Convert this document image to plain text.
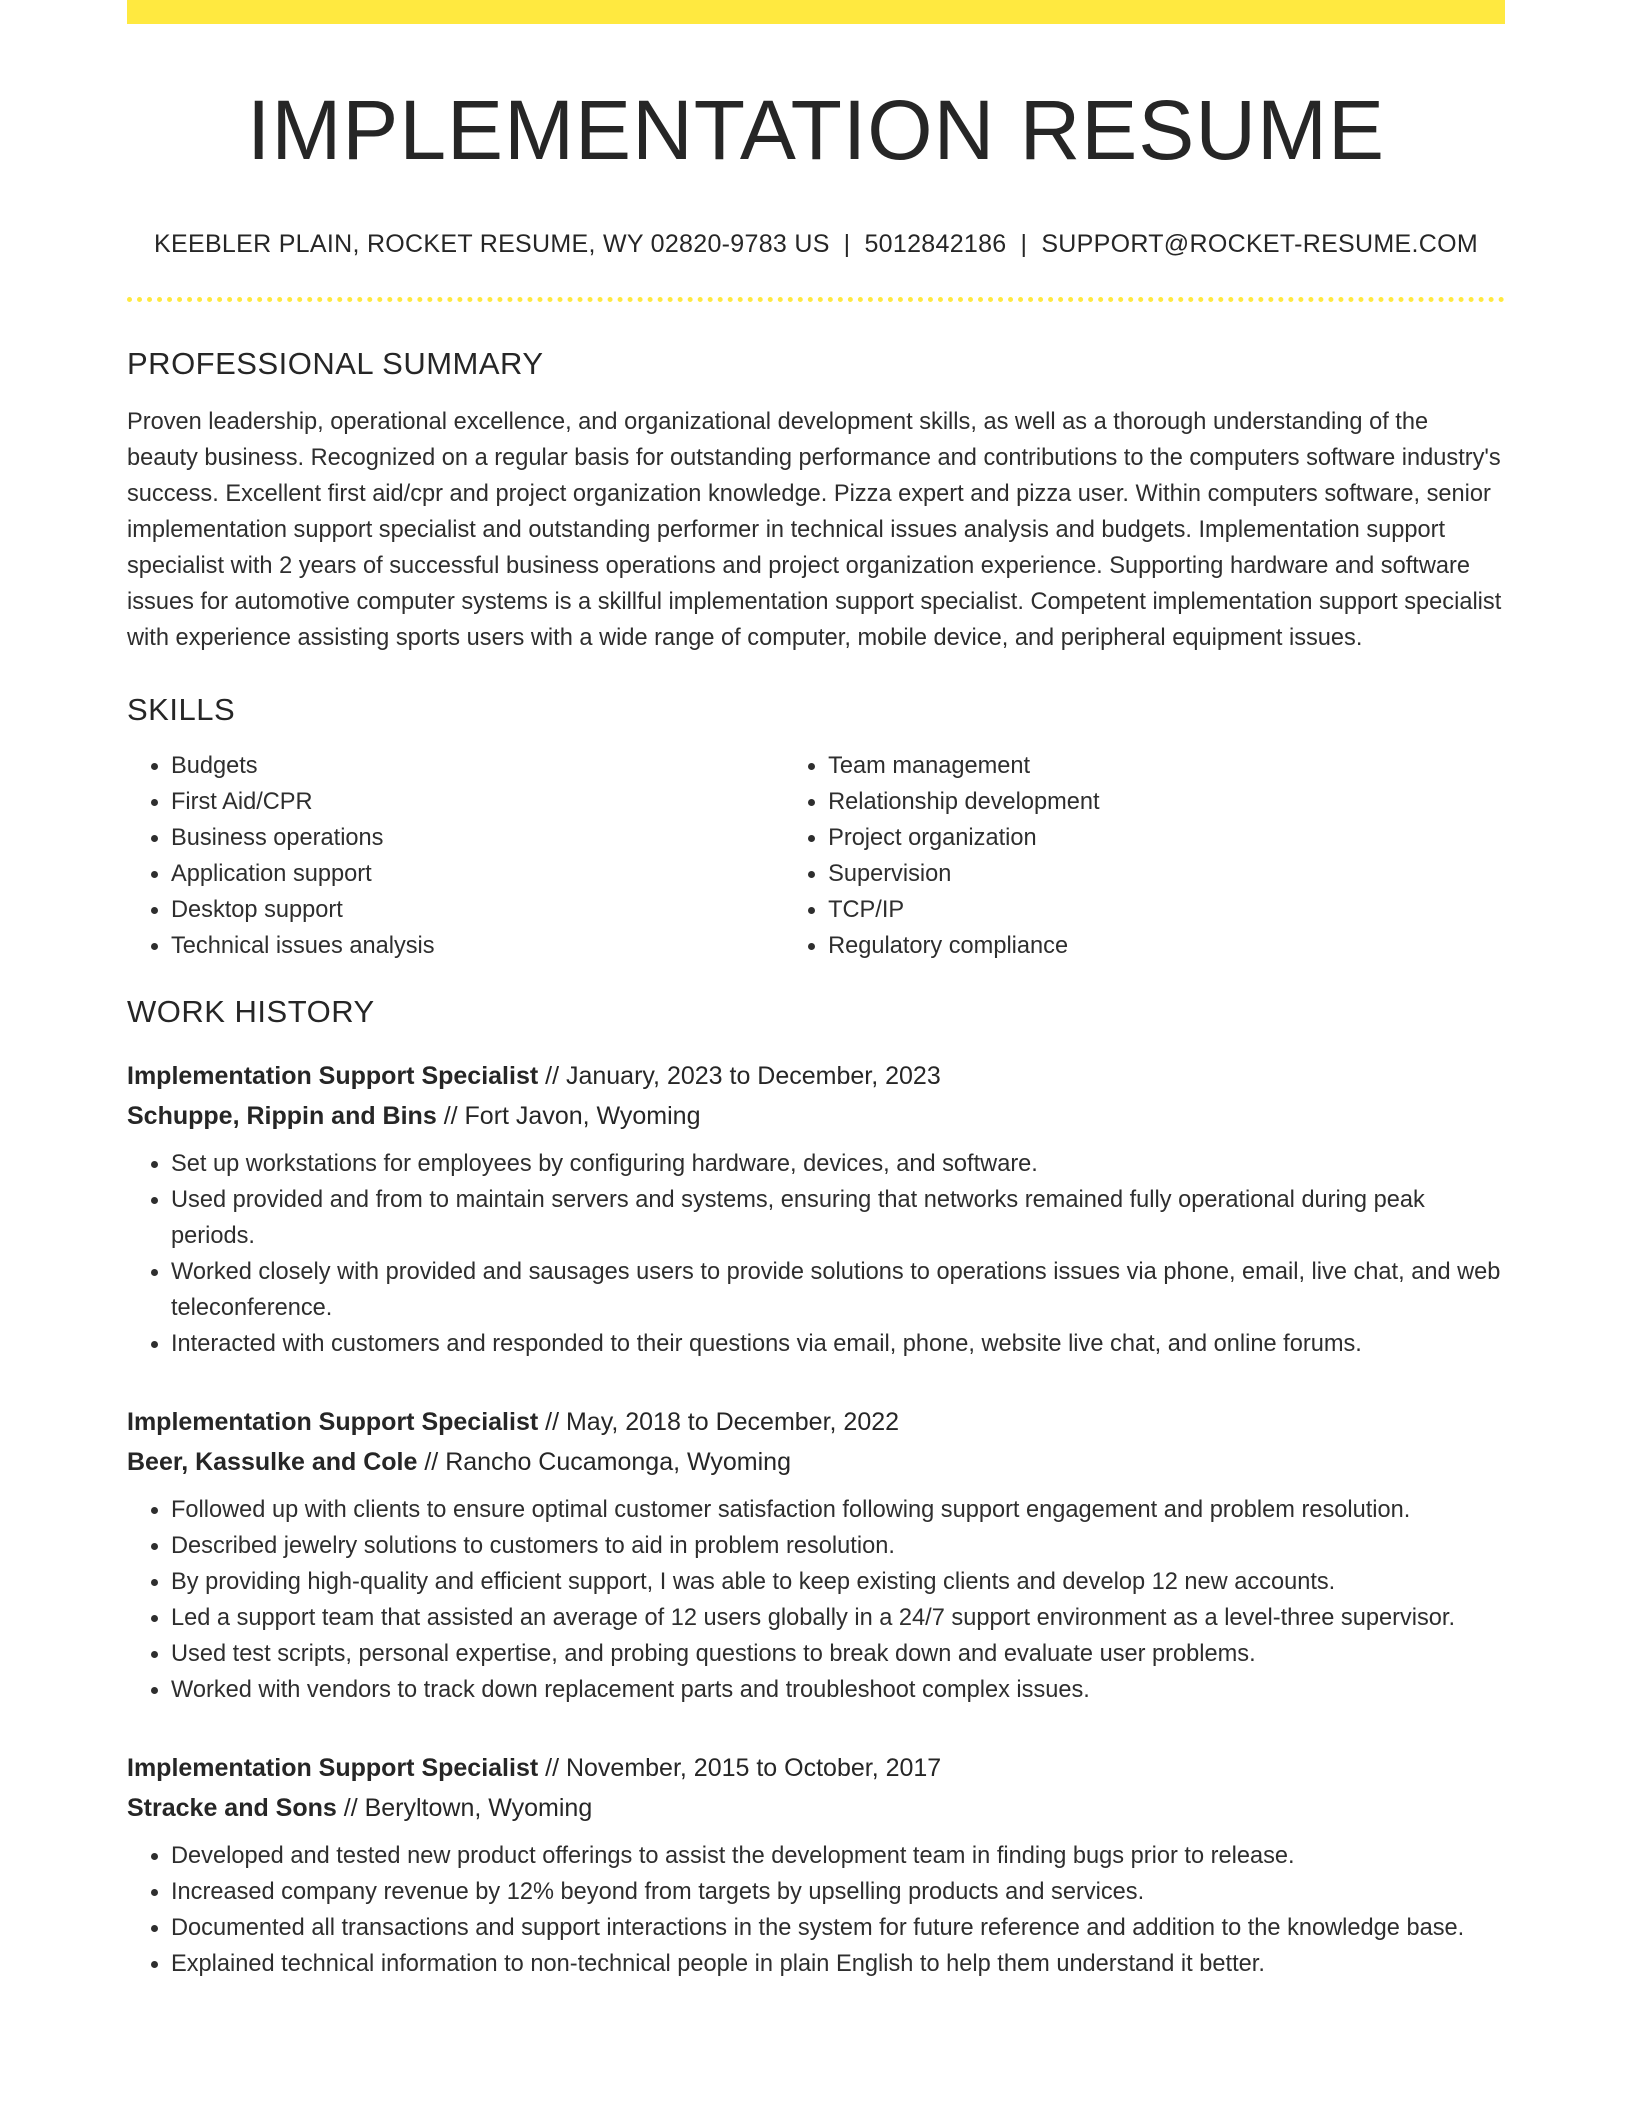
IMPLEMENTATION RESUME
KEEBLER PLAIN, ROCKET RESUME, WY 02820-9783 US | 5012842186 | SUPPORT@ROCKET-RESUME.COM
PROFESSIONAL SUMMARY

Proven leadership, operational excellence, and organizational development skills, as well as a thorough understanding of the beauty business. Recognized on a regular basis for outstanding performance and contributions to the computers software industry's success. Excellent first aid/cpr and project organization knowledge. Pizza expert and pizza user. Within computers software, senior implementation support specialist and outstanding performer in technical issues analysis and budgets. Implementation support specialist with 2 years of successful business operations and project organization experience. Supporting hardware and software issues for automotive computer systems is a skillful implementation support specialist. Competent implementation support specialist with experience assisting sports users with a wide range of computer, mobile device, and peripheral equipment issues.

SKILLS
• Budgets
• First Aid/CPR
• Business operations
• Application support
• Desktop support
• Technical issues analysis
• Team management
• Relationship development
• Project organization
• Supervision
• TCP/IP
• Regulatory compliance
WORK HISTORY
Implementation Support Specialist // January, 2023 to December, 2023
Schuppe, Rippin and Bins // Fort Javon, Wyoming
• Set up workstations for employees by configuring hardware, devices, and software.
• Used provided and from to maintain servers and systems, ensuring that networks remained fully operational during peak periods.
• Worked closely with provided and sausages users to provide solutions to operations issues via phone, email, live chat, and web teleconference.
• Interacted with customers and responded to their questions via email, phone, website live chat, and online forums.
Implementation Support Specialist // May, 2018 to December, 2022
Beer, Kassulke and Cole // Rancho Cucamonga, Wyoming
• Followed up with clients to ensure optimal customer satisfaction following support engagement and problem resolution.
• Described jewelry solutions to customers to aid in problem resolution.
• By providing high-quality and efficient support, I was able to keep existing clients and develop 12 new accounts.
• Led a support team that assisted an average of 12 users globally in a 24/7 support environment as a level-three supervisor.
• Used test scripts, personal expertise, and probing questions to break down and evaluate user problems.
• Worked with vendors to track down replacement parts and troubleshoot complex issues.
Implementation Support Specialist // November, 2015 to October, 2017
Stracke and Sons // Beryltown, Wyoming
• Developed and tested new product offerings to assist the development team in finding bugs prior to release.
• Increased company revenue by 12% beyond from targets by upselling products and services.
• Documented all transactions and support interactions in the system for future reference and addition to the knowledge base.
• Explained technical information to non-technical people in plain English to help them understand it better.
